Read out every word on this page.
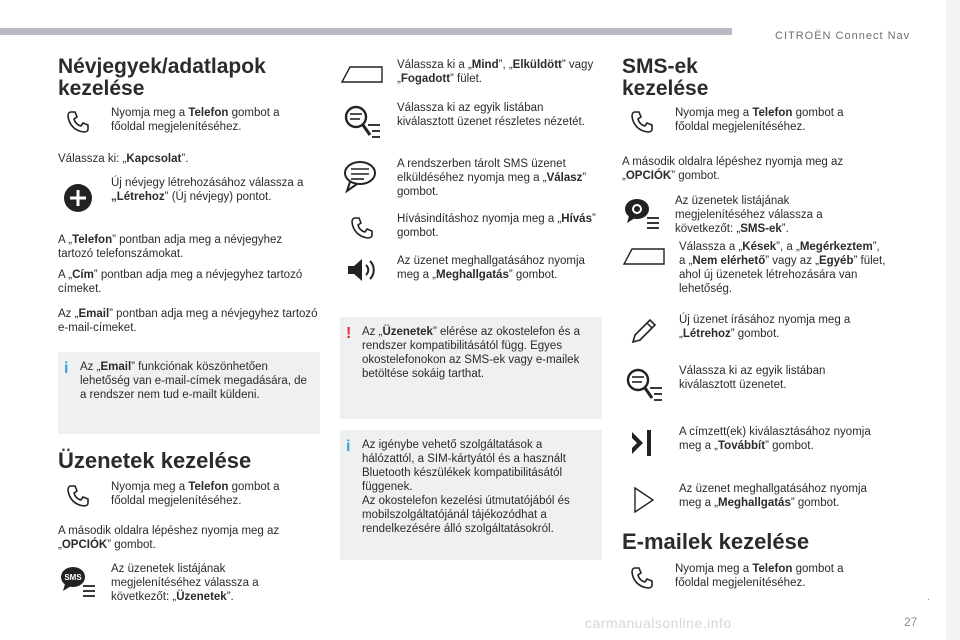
CITROËN Connect Nav
.
carmanualsonline.info	27
Névjegyek/adatlapok
kezelése
Nyomja meg a Telefon gombot a főoldal megjelenítéséhez.
Válassza ki: „Kapcsolat”.
Új névjegy létrehozásához válassza a „Létrehoz” (Új névjegy) pontot.
A „Telefon” pontban adja meg a névjegyhez tartozó telefonszámokat.
A „Cím” pontban adja meg a névjegyhez tartozó címeket.
Az „Email” pontban adja meg a névjegyhez tartozó e-mail-címeket.
i Az „Email” funkciónak köszönhetően lehetőség van e-mail-címek megadására, de a rendszer nem tud e-mailt küldeni.
Üzenetek kezelése
Nyomja meg a Telefon gombot a főoldal megjelenítéséhez.
A második oldalra lépéshez nyomja meg az „OPCIÓK” gombot.
SMS
Az üzenetek listájának megjelenítéséhez válassza a következőt: „Üzenetek”.
Válassza ki a „Mind”, „Elküldött” vagy „Fogadott” fület.
Válassza ki az egyik listában kiválasztott üzenet részletes nézetét.
A rendszerben tárolt SMS üzenet elküldéséhez nyomja meg a „Válasz” gombot.
Hívásindításhoz nyomja meg a „Hívás” gombot.
Az üzenet meghallgatásához nyomja meg a „Meghallgatás” gombot.
! Az „Üzenetek” elérése az okostelefon és a rendszer kompatibilitásától függ. Egyes okostelefonokon az SMS-ek vagy e-mailek betöltése sokáig tarthat.
i Az igénybe vehető szolgáltatások a hálózattól, a SIM-kártyától és a használt Bluetooth készülékek kompatibilitásától függenek.
Az okostelefon kezelési útmutatójából és mobilszolgáltatójánál tájékozódhat a rendelkezésére álló szolgáltatásokról.
SMS-ek
kezelése
Nyomja meg a Telefon gombot a főoldal megjelenítéséhez.
A második oldalra lépéshez nyomja meg az „OPCIÓK” gombot.
Az üzenetek listájának megjelenítéséhez válassza a következőt: „SMS-ek”.
Válassza a „Kések”, a „Megérkeztem”, a „Nem elérhető” vagy az „Egyéb” fület, ahol új üzenetek létrehozására van lehetőség.
Új üzenet írásához nyomja meg a „Létrehoz” gombot.
Válassza ki az egyik listában kiválasztott üzenetet.
A címzett(ek) kiválasztásához nyomja meg a „Továbbít” gombot.
Az üzenet meghallgatásához nyomja meg a „Meghallgatás” gombot.
E-mailek kezelése
Nyomja meg a Telefon gombot a főoldal megjelenítéséhez.
